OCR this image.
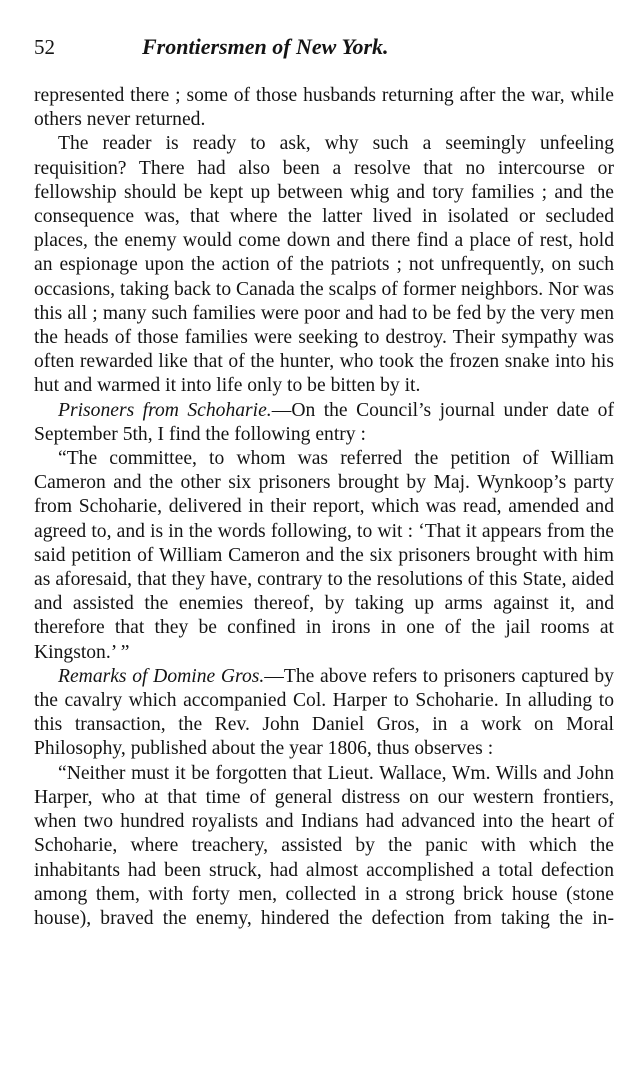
52	Frontiersmen of New York.

represented there ; some of those husbands returning after the war, while others never returned.

The reader is ready to ask, why such a seemingly unfeeling requisition? There had also been a resolve that no intercourse or fellowship should be kept up between whig and tory families ; and the consequence was, that where the latter lived in isolated or secluded places, the enemy would come down and there find a place of rest, hold an espionage upon the action of the patriots ; not unfrequently, on such occasions, taking back to Canada the scalps of former neighbors. Nor was this all ; many such families were poor and had to be fed by the very men the heads of those families were seeking to destroy. Their sympathy was often rewarded like that of the hunter, who took the frozen snake into his hut and warmed it into life only to be bitten by it.

Prisoners from Schoharie.—On the Council’s journal under date of September 5th, I find the following entry :

“The committee, to whom was referred the petition of William Cameron and the other six prisoners brought by Maj. Wynkoop’s party from Schoharie, delivered in their report, which was read, amended and agreed to, and is in the words following, to wit : ‘That it appears from the said petition of William Cameron and the six prisoners brought with him as aforesaid, that they have, contrary to the resolutions of this State, aided and assisted the enemies thereof, by taking up arms against it, and therefore that they be confined in irons in one of the jail rooms at Kingston.’ ”

Remarks of Domine Gros.—The above refers to prisoners captured by the cavalry which accompanied Col. Harper to Schoharie. In alluding to this transaction, the Rev. John Daniel Gros, in a work on Moral Philosophy, published about the year 1806, thus observes :

“Neither must it be forgotten that Lieut. Wallace, Wm. Wills and John Harper, who at that time of general distress on our western frontiers, when two hundred royalists and Indians had advanced into the heart of Schoharie, where treachery, assisted by the panic with which the inhabitants had been struck, had almost accomplished a total defection among them, with forty men, collected in a strong brick house (stone house), braved the enemy, hindered the defection from taking the in-
